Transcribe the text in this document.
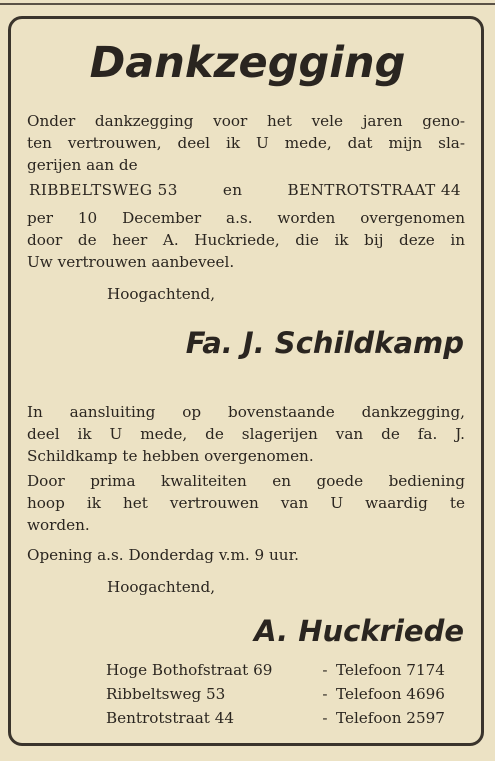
Dankzegging
Onder dankzegging voor het vele jaren geno-
ten vertrouwen, deel ik U mede, dat mijn sla-
gerijen aan de
RIBBELTSWEG 53	en	BENTROTSTRAAT 44
per 10 December a.s. worden overgenomen
door de heer A. Huckriede, die ik bij deze in
Uw vertrouwen aanbeveel.
Hoogachtend,
Fa. J. Schildkamp
In aansluiting op bovenstaande dankzegging,
deel ik U mede, de slagerijen van de fa. J.
Schildkamp te hebben overgenomen.
Door prima kwaliteiten en goede bediening
hoop ik het vertrouwen van U waardig te
worden.
Opening a.s. Donderdag v.m. 9 uur.
Hoogachtend,
A. Huckriede
Hoge Bothofstraat 69	- Telefoon 7174
Ribbeltsweg 53	- Telefoon 4696
Bentrotstraat 44	- Telefoon 2597
